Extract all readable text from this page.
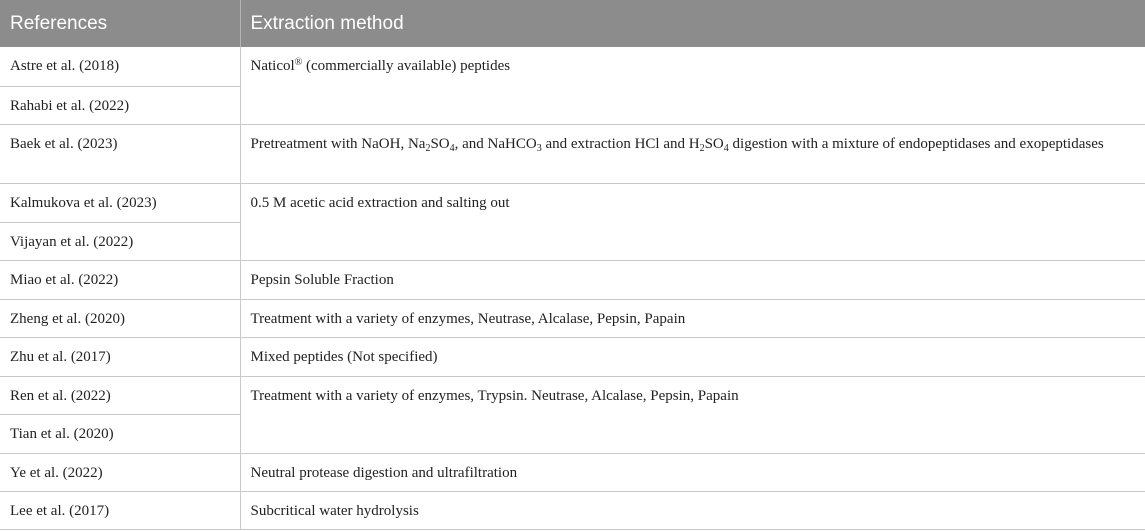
References	Extraction method
Astre et al. (2018)	Naticol® (commercially available) peptides
Rahabi et al. (2022)	
Baek et al. (2023)	Pretreatment with NaOH, $Na_2SO_4$, and NaHCO$_3$ and extraction HCl and $H_2SO_4$ digestion with a mixture of endopeptidases and exopeptidases
Kalmukova et al. (2023)	0.5 M acetic acid extraction and salting out
Vijayan et al. (2022)	
Miao et al. (2022)	Pepsin Soluble Fraction
Zheng et al. (2020)	Treatment with a variety of enzymes, Neutrase, Alcalase, Pepsin, Papain
Zhu et al. (2017)	Mixed peptides (Not specified)
Ren et al. (2022)	Treatment with a variety of enzymes, Trypsin. Neutrase, Alcalase, Pepsin, Papain
Tian et al. (2020)	
Ye et al. (2022)	Neutral protease digestion and ultrafiltration
Lee et al. (2017)	Subcritical water hydrolysis
